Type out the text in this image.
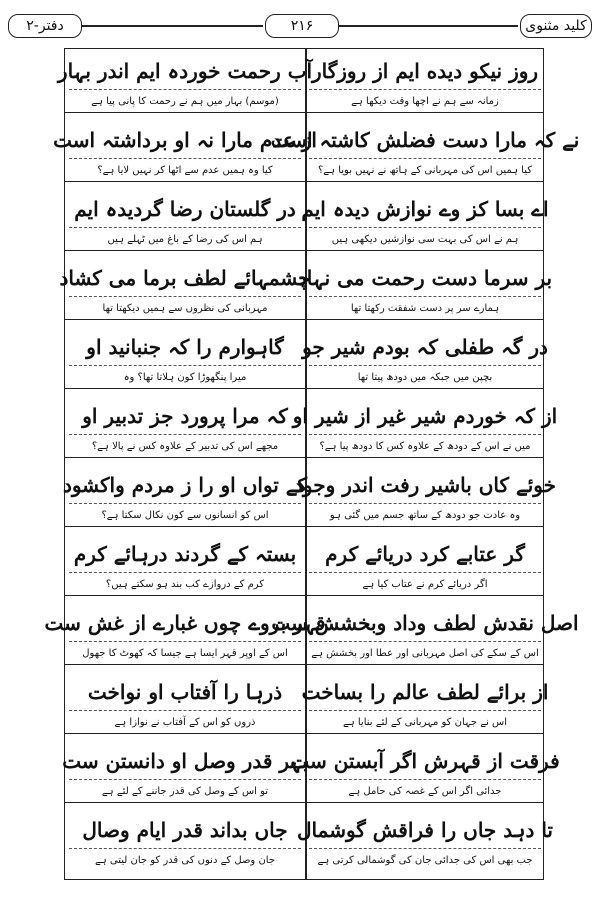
دفتر-۲	۲۱۶	کلید مثنوی
روز نیکو دیده ایم از روزگار
زمانہ سے ہم نے اچھا وقت دیکھا ہے
آب رحمت خوردہ ایم اندر بہار
(موسم) بہار میں ہم نے رحمت کا پانی پیا ہے
نے کہ مارا دست فضلش کاشتہ است
کیا ہمیں اس کی مہربانی کے ہاتھ نے نہیں بویا ہے؟
از عدم مارا نہ او برداشتہ است
کیا وہ ہمیں عدم سے اٹھا کر نہیں لایا ہے؟
اے بسا کز وے نوازش دیدہ ایم
ہم نے اس کی بہت سی نوازشیں دیکھی ہیں
در گلستان رضا گردیدہ ایم
ہم اس کی رضا کے باغ میں ٹہلے ہیں
بر سرما دست رحمت می نہاد
ہمارے سر پر دست شفقت رکھتا تھا
چشمہائے لطف برما می کشاد
مہربانی کی نظروں سے ہمیں دیکھتا تھا
در گہ طفلی کہ بودم شیر جو
بچپن میں جبکہ میں دودھ پیتا تھا
گاہوارم را کہ جنبانید او
میرا پنگھوڑا کون ہلاتا تھا؟ وہ
از کہ خوردم شیر غیر از شیر او
میں نے اس کے دودھ کے علاوہ کس کا دودھ پیا ہے؟
کہ مرا پرورد جز تدبیر او
مجھے اس کی تدبیر کے علاوہ کس نے پالا ہے؟
خوئے کاں باشیر رفت اندر وجود
وہ عادت جو دودھ کے ساتھ جسم میں گئی ہو
کے تواں او را ز مردم واکشود
اس کو انسانوں سے کون نکال سکتا ہے؟
گر عتابے کرد دریائے کرم
اگر دریائے کرم نے عتاب کیا ہے
بستہ کے گردند درہائے کرم
کرم کے دروازے کب بند ہو سکتے ہیں؟
اصل نقدش لطف وداد وبخشش ست
اس کے سکے کی اصل مہربانی اور عطا اور بخشش ہے
قہر بروے چوں غبارے از غش ست
اس کے اوپر قہر ایسا ہے جیسا کہ کھوٹ کا جھول
از برائے لطف عالم را بساخت
اس نے جہان کو مہربانی کے لئے بنایا ہے
ذرہا را آفتاب او نواخت
ذروں کو اس کے آفتاب نے نوازا ہے
فرقت از قہرش اگر آبستن ست
جدائی اگر اس کے غصہ کی حامل ہے
بہر قدر وصل او دانستن ست
تو اس کے وصل کی قدر جاننے کے لئے ہے
تا دہد جاں را فراقش گوشمال
جب بھی اس کی جدائی جان کی گوشمالی کرتی ہے
جاں بداند قدر ایام وصال
جان وصل کے دنوں کی قدر کو جان لیتی ہے
